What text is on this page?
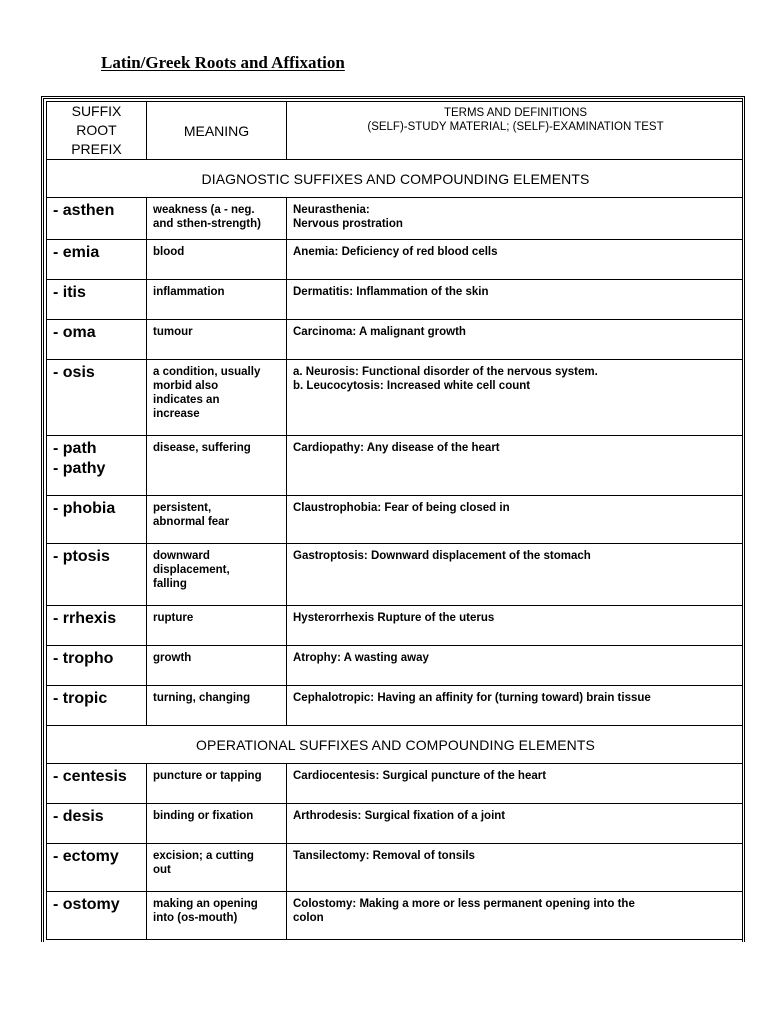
Latin/Greek Roots and Affixation
SUFFIX
ROOT
PREFIX	MEANING	TERMS AND DEFINITIONS
(SELF)-STUDY MATERIAL; (SELF)-EXAMINATION TEST

DIAGNOSTIC SUFFIXES AND COMPOUNDING ELEMENTS		

- asthen	weakness (a - neg.
and sthen-strength)	Neurasthenia:
Nervous prostration

- emia	blood	Anemia: Deficiency of red blood cells

- itis	inflammation	Dermatitis: Inflammation of the skin

- oma	tumour	Carcinoma: A malignant growth

- osis	a condition, usually
morbid also
indicates an
increase	a. Neurosis: Functional disorder of the nervous system.
b. Leucocytosis: Increased white cell count

- path
- pathy	disease, suffering	Cardiopathy: Any disease of the heart

- phobia	persistent,
abnormal fear	Claustrophobia: Fear of being closed in

- ptosis	downward
displacement,
falling	Gastroptosis: Downward displacement of the stomach

- rrhexis	rupture	Hysterorrhexis Rupture of the uterus

- tropho	growth	Atrophy: A wasting away

- tropic	turning, changing	Cephalotropic: Having an affinity for (turning toward) brain tissue

OPERATIONAL SUFFIXES AND COMPOUNDING ELEMENTS		

- centesis	puncture or tapping	Cardiocentesis: Surgical puncture of the heart

- desis	binding or fixation	Arthrodesis: Surgical fixation of a joint

- ectomy	excision; a cutting
out	Tansilectomy: Removal of tonsils

- ostomy	making an opening
into (os-mouth)	Colostomy: Making a more or less permanent opening into the
colon
